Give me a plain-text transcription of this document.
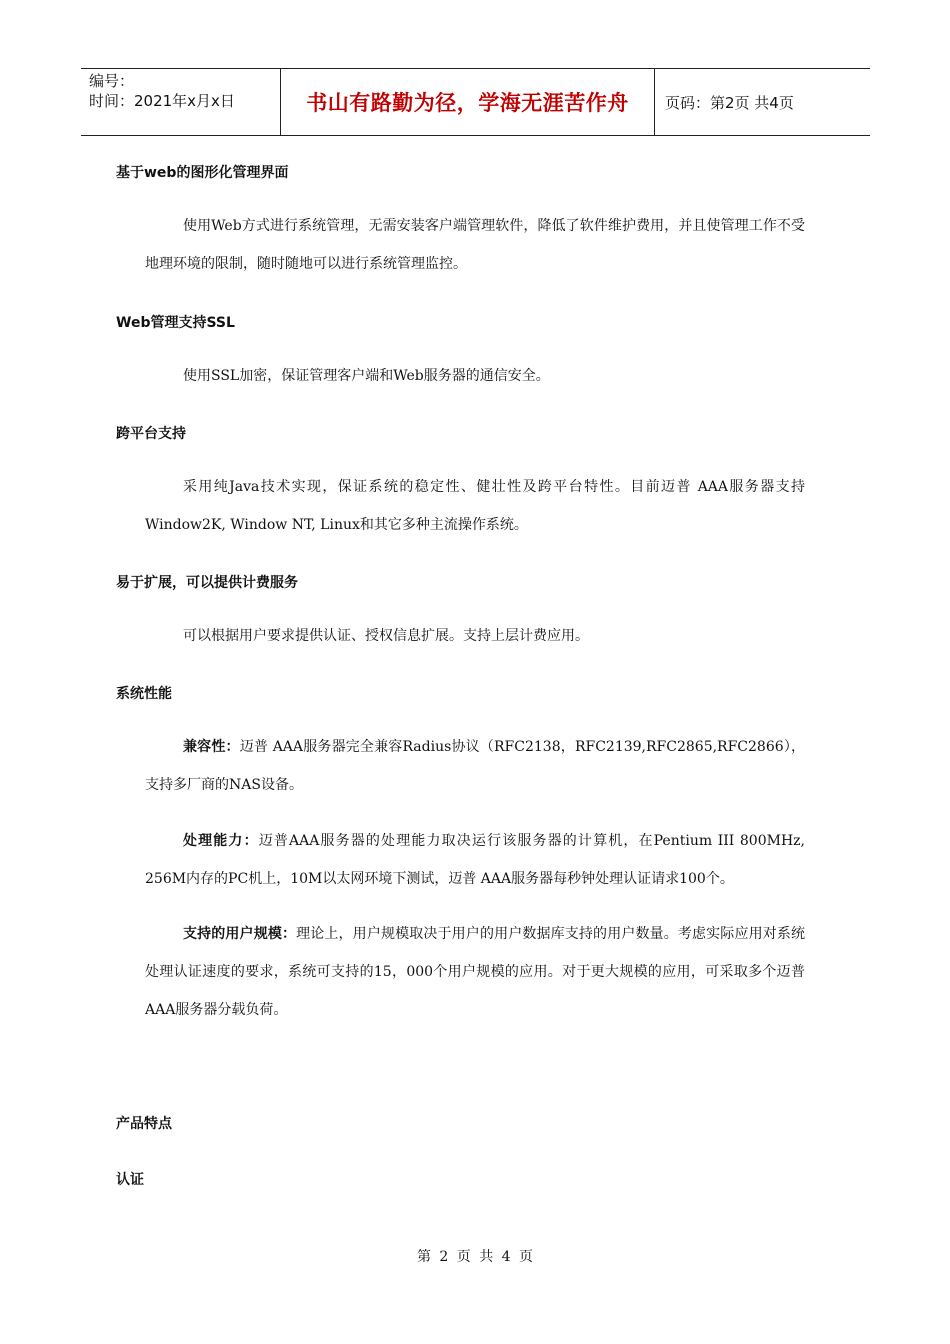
编号：
时间：2021年x月x日	书山有路勤为径，学海无涯苦作舟	页码：第2页 共4页
基于web的图形化管理界面
使用Web方式进行系统管理，无需安装客户端管理软件，降低了软件维护费用，并且使管理工作不受地理环境的限制，随时随地可以进行系统管理监控。
Web管理支持SSL
使用SSL加密，保证管理客户端和Web服务器的通信安全。
跨平台支持
采用纯Java技术实现，保证系统的稳定性、健壮性及跨平台特性。目前迈普 AAA服务器支持Window2K, Window NT, Linux和其它多种主流操作系统。
易于扩展，可以提供计费服务
可以根据用户要求提供认证、授权信息扩展。支持上层计费应用。
系统性能
兼容性：迈普 AAA服务器完全兼容Radius协议（RFC2138，RFC2139,RFC2865,RFC2866）， 支持多厂商的NAS设备。
处理能力：迈普AAA服务器的处理能力取决运行该服务器的计算机，在Pentium III 800MHz, 256M内存的PC机上，10M以太网环境下测试，迈普 AAA服务器每秒钟处理认证请求100个。
支持的用户规模：理论上，用户规模取决于用户的用户数据库支持的用户数量。考虑实际应用对系统处理认证速度的要求，系统可支持的15，000个用户规模的应用。对于更大规模的应用，可采取多个迈普AAA服务器分载负荷。
产品特点
认证
第 2 页 共 4 页
